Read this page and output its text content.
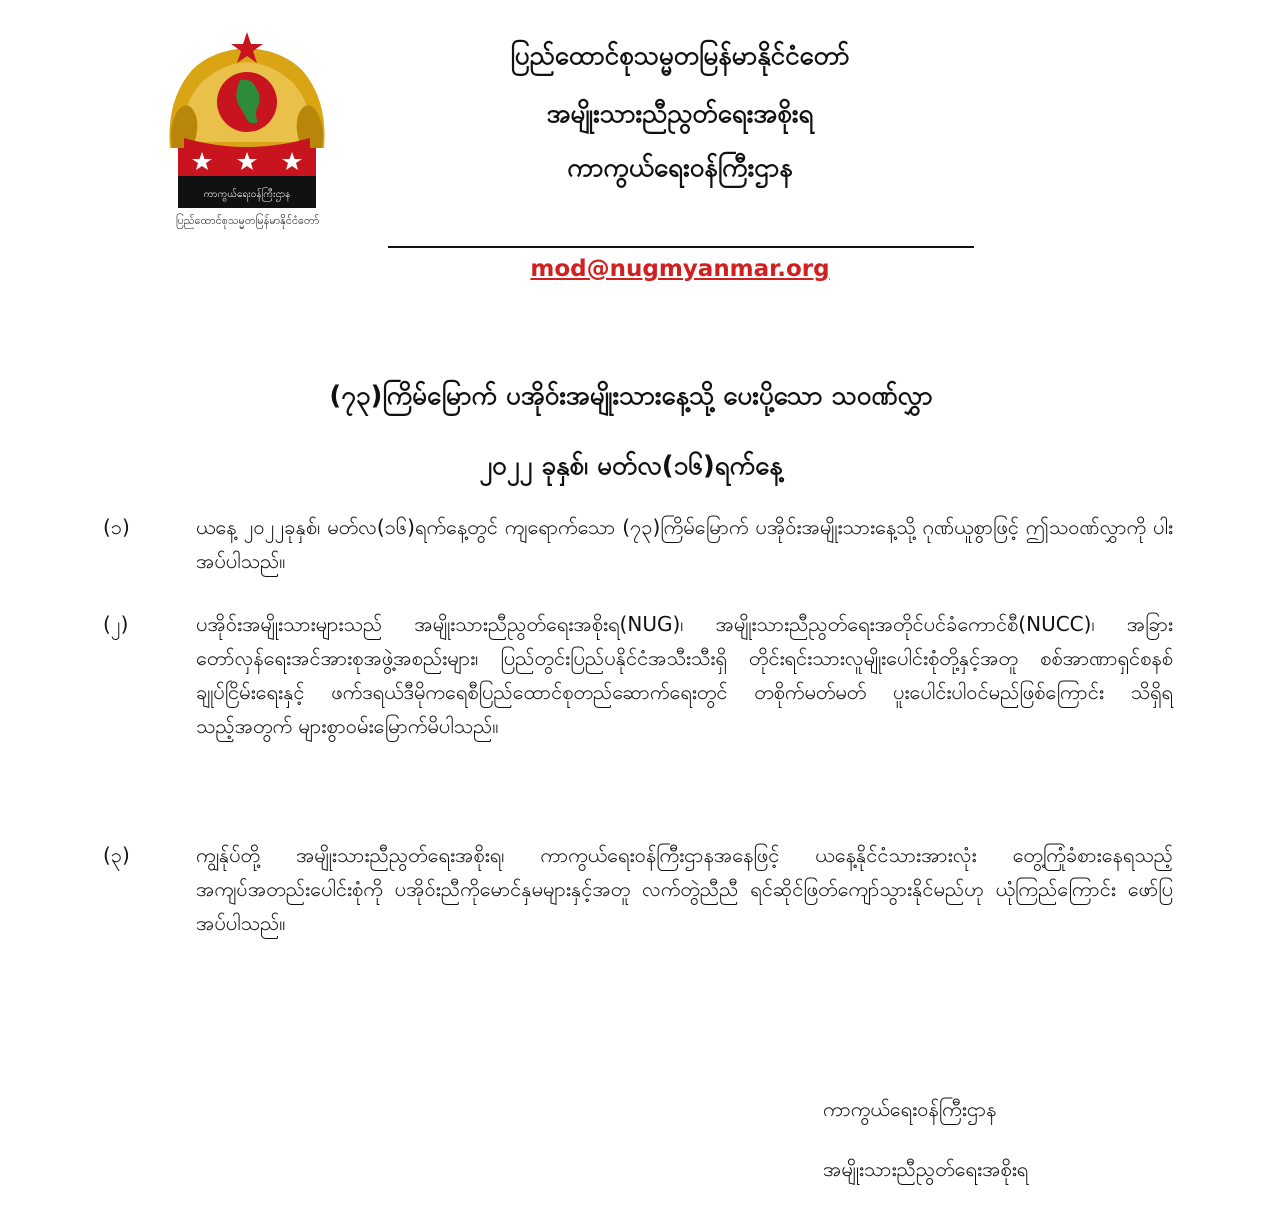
ကာကွယ်ရေးဝန်ကြီးဌာန
ပြည်ထောင်စုသမ္မတမြန်မာနိုင်ငံတော်
ပြည်ထောင်စုသမ္မတမြန်မာနိုင်ငံတော်
အမျိုးသားညီညွတ်ရေးအစိုးရ
ကာကွယ်ရေးဝန်ကြီးဌာန
mod@nugmyanmar.org
(၇၃)ကြိမ်မြောက် ပအိုဝ်းအမျိုးသားနေ့သို့ ပေးပို့သော သဝဏ်လွှာ
၂၀၂၂ ခုနှစ်၊ မတ်လ(၁၆)ရက်နေ့
(၁)	ယနေ့ ၂၀၂၂ခုနှစ်၊ မတ်လ(၁၆)ရက်နေ့တွင် ကျရောက်သော (၇၃)ကြိမ်မြောက် ပအိုဝ်းအမျိုးသားနေ့သို့ ဂုဏ်ယူစွာဖြင့် ဤသဝဏ်လွှာကို ပါးအပ်ပါသည်။
(၂)	ပအိုဝ်းအမျိုးသားများသည် အမျိုးသားညီညွတ်ရေးအစိုးရ(NUG)၊ အမျိုးသားညီညွတ်ရေးအတိုင်ပင်ခံကောင်စီ(NUCC)၊ အခြားတော်လှန်ရေးအင်အားစုအဖွဲ့အစည်းများ၊ ပြည်တွင်းပြည်ပနိုင်ငံအသီးသီးရှိ တိုင်းရင်းသားလူမျိုးပေါင်းစုံတို့နှင့်အတူ စစ်အာဏာရှင်စနစ်ချုပ်ငြိမ်းရေးနှင့် ဖက်ဒရယ်ဒီမိုကရေစီပြည်ထောင်စုတည်ဆောက်ရေးတွင် တစိုက်မတ်မတ် ပူးပေါင်းပါဝင်မည်ဖြစ်ကြောင်း သိရှိရသည့်အတွက် များစွာဝမ်းမြောက်မိပါသည်။
(၃)	ကျွန်ုပ်တို့ အမျိုးသားညီညွတ်ရေးအစိုးရ၊ ကာကွယ်ရေးဝန်ကြီးဌာနအနေဖြင့် ယနေ့နိုင်ငံသားအားလုံး တွေ့ကြုံခံစားနေရသည့် အကျပ်အတည်းပေါင်းစုံကို ပအိုဝ်းညီကိုမောင်နှမများနှင့်အတူ လက်တွဲညီညီ ရင်ဆိုင်ဖြတ်ကျော်သွားနိုင်မည်ဟု ယုံကြည်ကြောင်း ဖော်ပြအပ်ပါသည်။
ကာကွယ်ရေးဝန်ကြီးဌာန
အမျိုးသားညီညွတ်ရေးအစိုးရ
